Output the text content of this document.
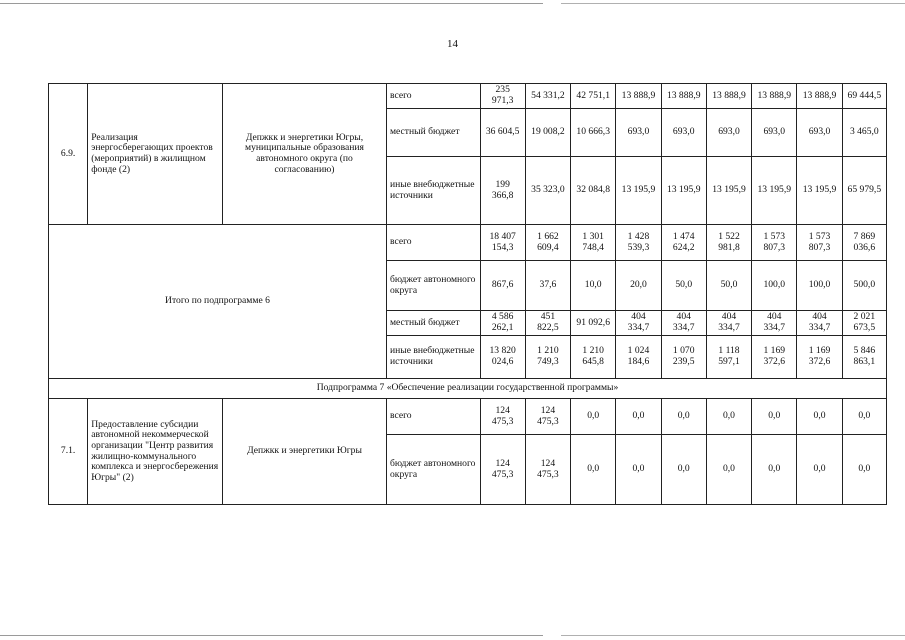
14
6.9.	Реализация энергосберегающих проектов (мероприятий) в жилищном фонде (2)	Депжкк и энергетики Югры, муниципальные образования автономного округа (по согласованию)	всего	235 971,3	54 331,2	42 751,1	13 888,9	13 888,9	13 888,9	13 888,9	13 888,9	69 444,5
			местный бюджет	36 604,5	19 008,2	10 666,3	693,0	693,0	693,0	693,0	693,0	3 465,0
			иные внебюджетные источники	199 366,8	35 323,0	32 084,8	13 195,9	13 195,9	13 195,9	13 195,9	13 195,9	65 979,5
Итого по подпрограмме 6			всего	18 407 154,3	1 662 609,4	1 301 748,4	1 428 539,3	1 474 624,2	1 522 981,8	1 573 807,3	1 573 807,3	7 869 036,6
			бюджет автономного округа	867,6	37,6	10,0	20,0	50,0	50,0	100,0	100,0	500,0
			местный бюджет	4 586 262,1	451 822,5	91 092,6	404 334,7	404 334,7	404 334,7	404 334,7	404 334,7	2 021 673,5
			иные внебюджетные источники	13 820 024,6	1 210 749,3	1 210 645,8	1 024 184,6	1 070 239,5	1 118 597,1	1 169 372,6	1 169 372,6	5 846 863,1
Подпрограмма 7 «Обеспечение реализации государственной программы»												
7.1.	Предоставление субсидии автономной некоммерческой организации "Центр развития жилищно-коммунального комплекса и энергосбережения Югры" (2)	Депжкк и энергетики Югры	всего	124 475,3	124 475,3	0,0	0,0	0,0	0,0	0,0	0,0	0,0
			бюджет автономного округа	124 475,3	124 475,3	0,0	0,0	0,0	0,0	0,0	0,0	0,0
